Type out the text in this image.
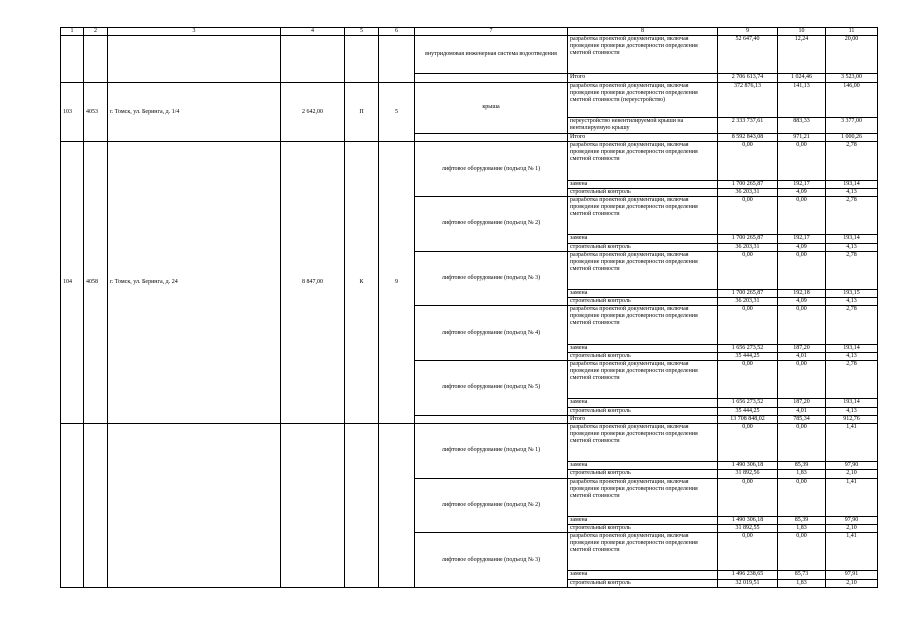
1	2	3	4	5	6	7	8	9	10	11
						внутридомовая инженерная система водоотведения	разработка проектной документации, включая проведение проверки достоверности определения сметной стоимости	52 647,40	12,24	20,00
							Итого	2 706 613,74	1 024,46	3 523,00
103	4053	г. Томск, ул. Беринга, д. 1/4	2 642,00	П	5	крыша	разработка проектной документации, включая проведение проверки достоверности определения сметной стоимости (переустройство)	372 876,13	141,13	146,00
							переустройство невентилируемой крыши на вентилируемую крышу	2 333 737,61	883,33	3 377,00
							Итого	8 592 843,08	971,21	1 000,26
104	4058	г. Томск, ул. Беринга, д. 24	8 847,00	К	9	лифтовое оборудование (подъезд № 1)	разработка проектной документации, включая проведение проверки достоверности определения сметной стоимости	0,00	0,00	2,78
							замена	1 700 265,87	192,17	193,14
							строительный контроль	36 203,31	4,09	4,13
						лифтовое оборудование (подъезд № 2)	разработка проектной документации, включая проведение проверки достоверности определения сметной стоимости	0,00	0,00	2,78
							замена	1 700 265,87	192,17	193,14
							строительный контроль	36 203,31	4,09	4,13
						лифтовое оборудование (подъезд № 3)	разработка проектной документации, включая проведение проверки достоверности определения сметной стоимости	0,00	0,00	2,78
							замена	1 700 265,87	192,18	193,15
							строительный контроль	36 203,31	4,09	4,13
						лифтовое оборудование (подъезд № 4)	разработка проектной документации, включая проведение проверки достоверности определения сметной стоимости	0,00	0,00	2,78
							замена	1 656 273,52	187,20	193,14
							строительный контроль	35 444,25	4,01	4,13
						лифтовое оборудование (подъезд № 5)	разработка проектной документации, включая проведение проверки достоверности определения сметной стоимости	0,00	0,00	2,78
							замена	1 656 273,52	187,20	193,14
							строительный контроль	35 444,25	4,01	4,13
							Итого	13 708 848,02	785,34	912,76
						лифтовое оборудование (подъезд № 1)	разработка проектной документации, включая проведение проверки достоверности определения сметной стоимости	0,00	0,00	1,41
							замена	1 490 306,18	85,39	97,90
							строительный контроль	31 892,56	1,83	2,10
						лифтовое оборудование (подъезд № 2)	разработка проектной документации, включая проведение проверки достоверности определения сметной стоимости	0,00	0,00	1,41
							замена	1 490 306,18	85,39	97,90
							строительный контроль	31 892,55	1,83	2,10
						лифтовое оборудование (подъезд № 3)	разработка проектной документации, включая проведение проверки достоверности определения сметной стоимости	0,00	0,00	1,41
							замена	1 496 238,65	85,73	97,91
							строительный контроль	32 019,51	1,83	2,10
